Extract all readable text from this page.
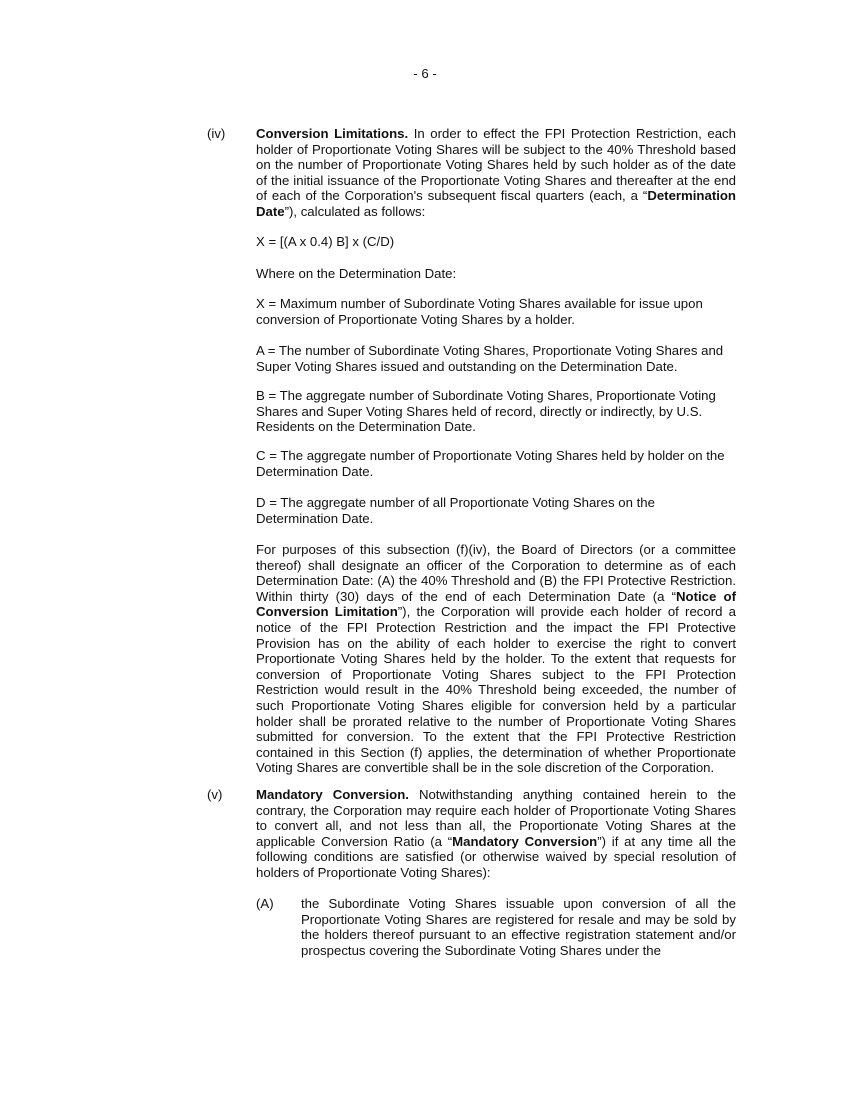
- 6 -
(iv) Conversion Limitations. In order to effect the FPI Protection Restriction, each holder of Proportionate Voting Shares will be subject to the 40% Threshold based on the number of Proportionate Voting Shares held by such holder as of the date of the initial issuance of the Proportionate Voting Shares and thereafter at the end of each of the Corporation's subsequent fiscal quarters (each, a “Determination Date”), calculated as follows:

X = [(A x 0.4) B] x (C/D)
Where on the Determination Date:

X = Maximum number of Subordinate Voting Shares available for issue upon conversion of Proportionate Voting Shares by a holder.

A = The number of Subordinate Voting Shares, Proportionate Voting Shares and Super Voting Shares issued and outstanding on the Determination Date.

B = The aggregate number of Subordinate Voting Shares, Proportionate Voting Shares and Super Voting Shares held of record, directly or indirectly, by U.S. Residents on the Determination Date.

C = The aggregate number of Proportionate Voting Shares held by holder on the Determination Date.

D = The aggregate number of all Proportionate Voting Shares on the Determination Date.

For purposes of this subsection (f)(iv), the Board of Directors (or a committee thereof) shall designate an officer of the Corporation to determine as of each Determination Date: (A) the 40% Threshold and (B) the FPI Protective Restriction. Within thirty (30) days of the end of each Determination Date (a “Notice of Conversion Limitation”), the Corporation will provide each holder of record a notice of the FPI Protection Restriction and the impact the FPI Protective Provision has on the ability of each holder to exercise the right to convert Proportionate Voting Shares held by the holder. To the extent that requests for conversion of Proportionate Voting Shares subject to the FPI Protection Restriction would result in the 40% Threshold being exceeded, the number of such Proportionate Voting Shares eligible for conversion held by a particular holder shall be prorated relative to the number of Proportionate Voting Shares submitted for conversion. To the extent that the FPI Protective Restriction contained in this Section (f) applies, the determination of whether Proportionate Voting Shares are convertible shall be in the sole discretion of the Corporation.

(v)	Mandatory Conversion. Notwithstanding anything contained herein to the contrary, the Corporation may require each holder of Proportionate Voting Shares to convert all, and not less than all, the Proportionate Voting Shares at the applicable Conversion Ratio (a “Mandatory Conversion”) if at any time all the following conditions are satisfied (or otherwise waived by special resolution of holders of Proportionate Voting Shares):

(A) the Subordinate Voting Shares issuable upon conversion of all the Proportionate Voting Shares are registered for resale and may be sold by the holders thereof pursuant to an effective registration statement and/or prospectus covering the Subordinate Voting Shares under the
